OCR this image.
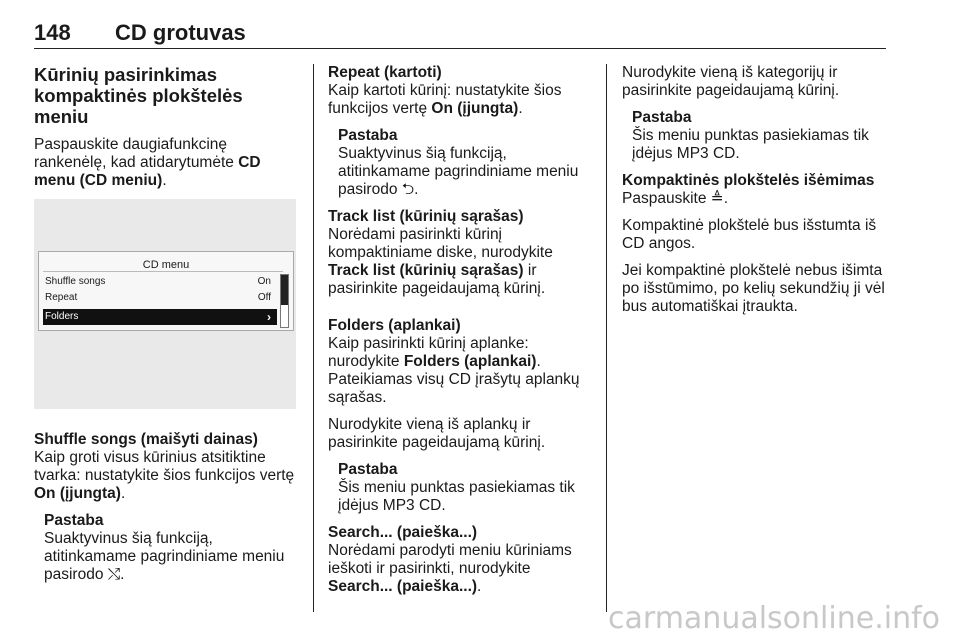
148 CD grotuvas
Kūrinių pasirinkimas kompaktinės plokštelės meniu

Paspauskite daugiafunkcinę rankenėlę, kad atidarytumėte CD menu (CD meniu).

CD menu
Shuffle songs	On
Repeat	Off
Folders	›
Shuffle songs (maišyti dainas)

Kaip groti visus kūrinius atsitiktine tvarka: nustatykite šios funkcijos vertę On (įjungta).

Pastaba
Suaktyvinus šią funkciją, atitinkamame pagrindiniame meniu pasirodo ⤭.
Repeat (kartoti)

Kaip kartoti kūrinį: nustatykite šios funkcijos vertę On (įjungta).

Pastaba
Suaktyvinus šią funkciją, atitinkamame pagrindiniame meniu pasirodo ⮌.
Track list (kūrinių sąrašas)

Norėdami pasirinkti kūrinį kompaktiniame diske, nurodykite Track list (kūrinių sąrašas) ir pasirinkite pageidaujamą kūrinį.

Folders (aplankai)

Kaip pasirinkti kūrinį aplanke: nurodykite Folders (aplankai).

Pateikiamas visų CD įrašytų aplankų sąrašas.

Nurodykite vieną iš aplankų ir pasirinkite pageidaujamą kūrinį.

Pastaba
Šis meniu punktas pasiekiamas tik įdėjus MP3 CD.
Search... (paieška...)

Norėdami parodyti meniu kūriniams ieškoti ir pasirinkti, nurodykite Search... (paieška...).

Nurodykite vieną iš kategorijų ir pasirinkite pageidaujamą kūrinį.

Pastaba
Šis meniu punktas pasiekiamas tik įdėjus MP3 CD.
Kompaktinės plokštelės išėmimas

Paspauskite ≜.

Kompaktinė plokštelė bus išstumta iš CD angos.

Jei kompaktinė plokštelė nebus išimta po išstūmimo, po kelių sekundžių ji vėl bus automatiškai įtraukta.

carmanualsonline.info
